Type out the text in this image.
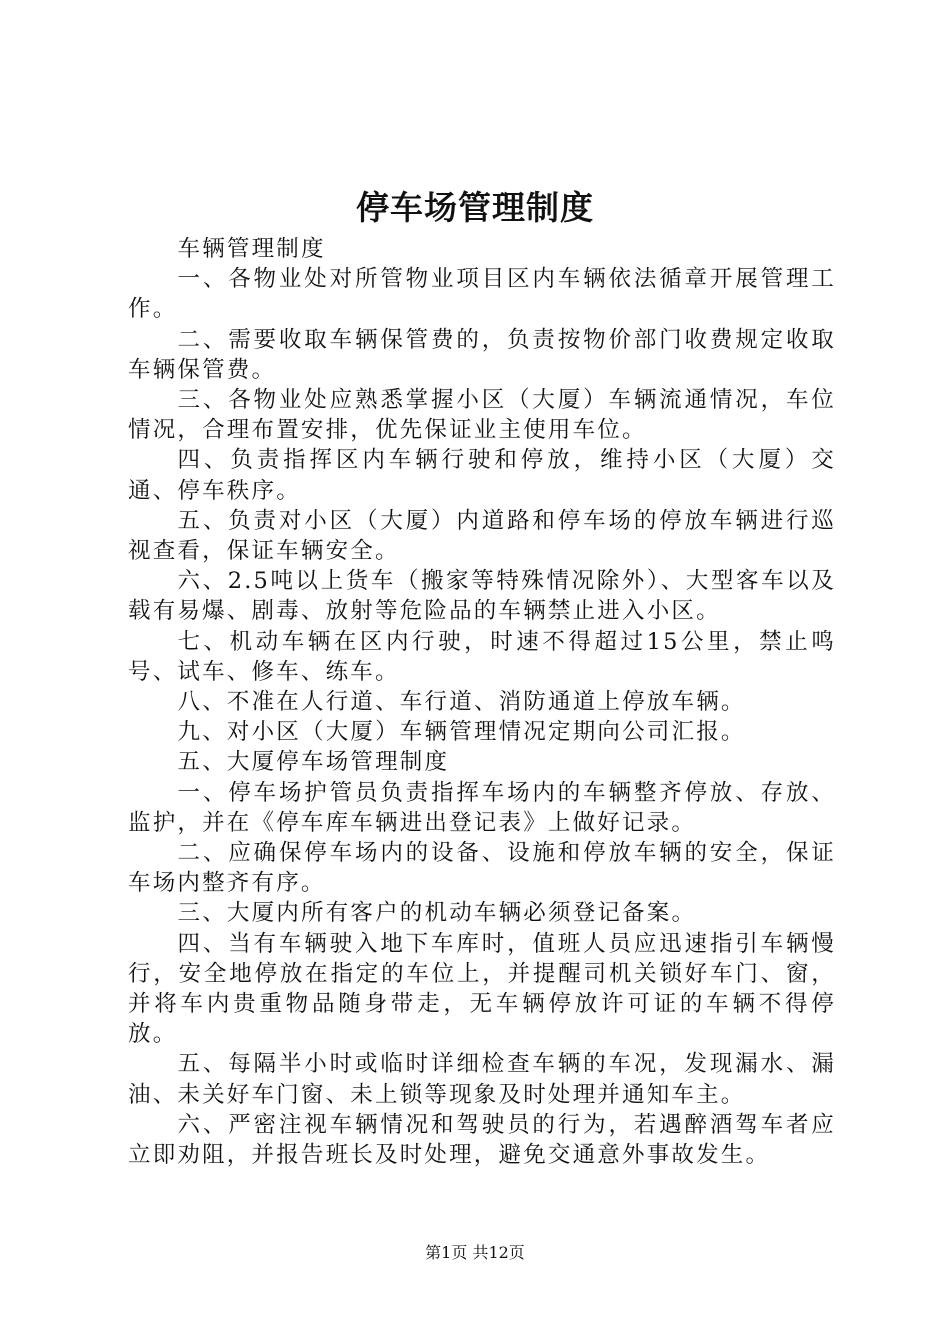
停车场管理制度

车辆管理制度

一、各物业处对所管物业项目区内车辆依法循章开展管理工作。

二、需要收取车辆保管费的，负责按物价部门收费规定收取车辆保管费。

三、各物业处应熟悉掌握小区（大厦）车辆流通情况，车位情况，合理布置安排，优先保证业主使用车位。

四、负责指挥区内车辆行驶和停放，维持小区（大厦）交通、停车秩序。

五、负责对小区（大厦）内道路和停车场的停放车辆进行巡视查看，保证车辆安全。

六、2.5吨以上货车（搬家等特殊情况除外）、大型客车以及载有易爆、剧毒、放射等危险品的车辆禁止进入小区。

七、机动车辆在区内行驶，时速不得超过15公里，禁止鸣号、试车、修车、练车。

八、不准在人行道、车行道、消防通道上停放车辆。

九、对小区（大厦）车辆管理情况定期向公司汇报。

五、大厦停车场管理制度

一、停车场护管员负责指挥车场内的车辆整齐停放、存放、监护，并在《停车库车辆进出登记表》上做好记录。

二、应确保停车场内的设备、设施和停放车辆的安全，保证车场内整齐有序。

三、大厦内所有客户的机动车辆必须登记备案。

四、当有车辆驶入地下车库时，值班人员应迅速指引车辆慢行，安全地停放在指定的车位上，并提醒司机关锁好车门、窗，并将车内贵重物品随身带走，无车辆停放许可证的车辆不得停放。

五、每隔半小时或临时详细检查车辆的车况，发现漏水、漏油、未关好车门窗、未上锁等现象及时处理并通知车主。

六、严密注视车辆情况和驾驶员的行为，若遇醉酒驾车者应立即劝阻，并报告班长及时处理，避免交通意外事故发生。

第1页 共12页
